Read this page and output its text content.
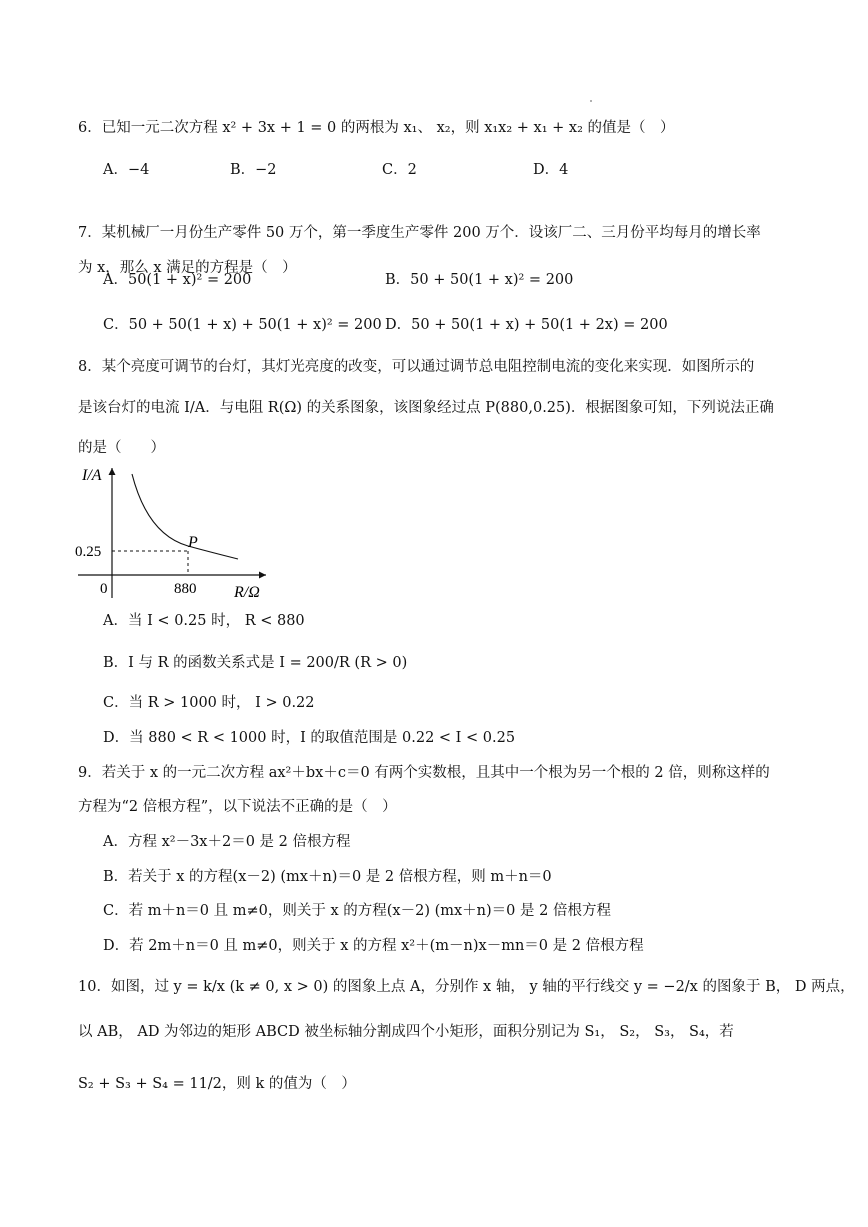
6．已知一元二次方程 x² + 3x + 1 = 0 的两根为 x₁、 x₂，则 x₁x₂ + x₁ + x₂ 的值是（　）
A．−4	B．−2	C．2	D．4
7．某机械厂一月份生产零件 50 万个，第一季度生产零件 200 万个．设该厂二、三月份平均每月的增长率
为 x，那么 x 满足的方程是（　）
A．50(1 + x)² = 200	B．50 + 50(1 + x)² = 200
C．50 + 50(1 + x) + 50(1 + x)² = 200 D．50 + 50(1 + x) + 50(1 + 2x) = 200
8．某个亮度可调节的台灯，其灯光亮度的改变，可以通过调节总电阻控制电流的变化来实现．如图所示的
是该台灯的电流 I/A．与电阻 R(Ω) 的关系图象，该图象经过点 P(880,0.25)．根据图象可知，下列说法正确
的是（　　）
I/A
R/Ω
0
0.25
880
P
A．当 I < 0.25 时， R < 880
B．I 与 R 的函数关系式是 I = 200/R (R > 0)
C．当 R > 1000 时， I > 0.22
D．当 880 < R < 1000 时，I 的取值范围是 0.22 < I < 0.25
9．若关于 x 的一元二次方程 ax²＋bx＋c＝0 有两个实数根，且其中一个根为另一个根的 2 倍，则称这样的
方程为“2 倍根方程”，以下说法不正确的是（　）
A．方程 x²－3x＋2＝0 是 2 倍根方程
B．若关于 x 的方程(x－2) (mx＋n)＝0 是 2 倍根方程，则 m＋n＝0
C．若 m＋n＝0 且 m≠0，则关于 x 的方程(x－2) (mx＋n)＝0 是 2 倍根方程
D．若 2m＋n＝0 且 m≠0，则关于 x 的方程 x²＋(m－n)x－mn＝0 是 2 倍根方程
10．如图，过 y = k/x (k ≠ 0, x > 0) 的图象上点 A，分别作 x 轴， y 轴的平行线交 y = −2/x 的图象于 B， D 两点，
以 AB， AD 为邻边的矩形 ABCD 被坐标轴分割成四个小矩形，面积分别记为 S₁， S₂， S₃， S₄，若
S₂ + S₃ + S₄ = 11/2，则 k 的值为（　）
